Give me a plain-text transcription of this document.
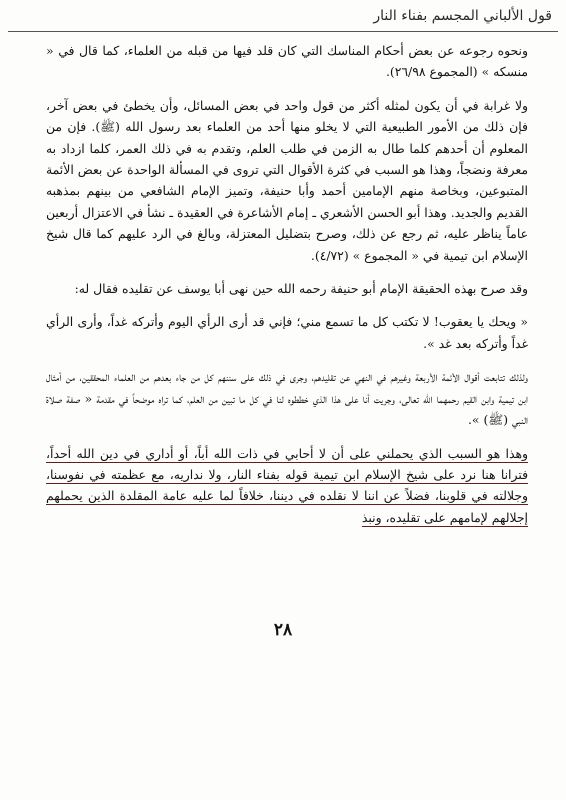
قول الألباني المجسم بفناء النار

ونحوه رجوعه عن بعض أحكام المناسك التي كان قلد فيها من قبله من العلماء، كما قال في « منسكه » (المجموع ٢٦/٩٨).

ولا غرابة في أن يكون لمثله أكثر من قول واحد في بعض المسائل، وأن يخطئ في بعض آخر، فإن ذلك من الأمور الطبيعية التي لا يخلو منها أحد من العلماء بعد رسول الله (ﷺ). فإن من المعلوم أن أحدهم كلما طال به الزمن في طلب العلم، وتقدم به في ذلك العمر، كلما ازداد به معرفة ونضجاً، وهذا هو السبب في كثرة الأقوال التي تروى في المسألة الواحدة عن بعض الأئمة المتبوعين، وبخاصة منهم الإمامين أحمد وأبا حنيفة، وتميز الإمام الشافعي من بينهم بمذهبه القديم والجديد. وهذا أبو الحسن الأشعري ـ إمام الأشاعرة في العقيدة ـ نشأ في الاعتزال أربعين عاماً يناظر عليه، ثم رجع عن ذلك، وصرح بتضليل المعتزلة، وبالغ في الرد عليهم كما قال شيخ الإسلام ابن تيمية في « المجموع » (٤/٧٢).

وقد صرح بهذه الحقيقة الإمام أبو حنيفة رحمه الله حين نهى أبا يوسف عن تقليده فقال له:

« ويحك يا يعقوب! لا تكتب كل ما تسمع مني؛ فإني قد أرى الرأي اليوم وأتركه غداً، وأرى الرأي غداً وأتركه بعد غد ».

ولذلك تتابعت أقوال الأئمة الأربعة وغيرهم في النهي عن تقليدهم، وجرى في ذلك على سننهم كل من جاء بعدهم من العلماء المحققين، من أمثال ابن تيمية وابن القيم رحمهما الله تعالى، وجريت أنا على هذا الذي خططوه لنا في كل ما تبين من العلم، كما تراه موضحاً في مقدمة « صفة صلاة النبي (ﷺ) ».

وهذا هو السبب الذي يحملني على أن لا أحابي في ذات الله أباً، أو أداري في دين الله أحداً، فترانا هنا نرد على شيخ الإسلام ابن تيمية قوله بفناء النار، ولا نداريه، مع عظمته في نفوسنا، وجلالته في قلوبنا، فضلاً عن اننا لا نقلده في ديننا، خلافاً لما عليه عامة المقلدة الذين يحملهم إجلالهم لإمامهم على تقليده، ونبذ

٢٨
